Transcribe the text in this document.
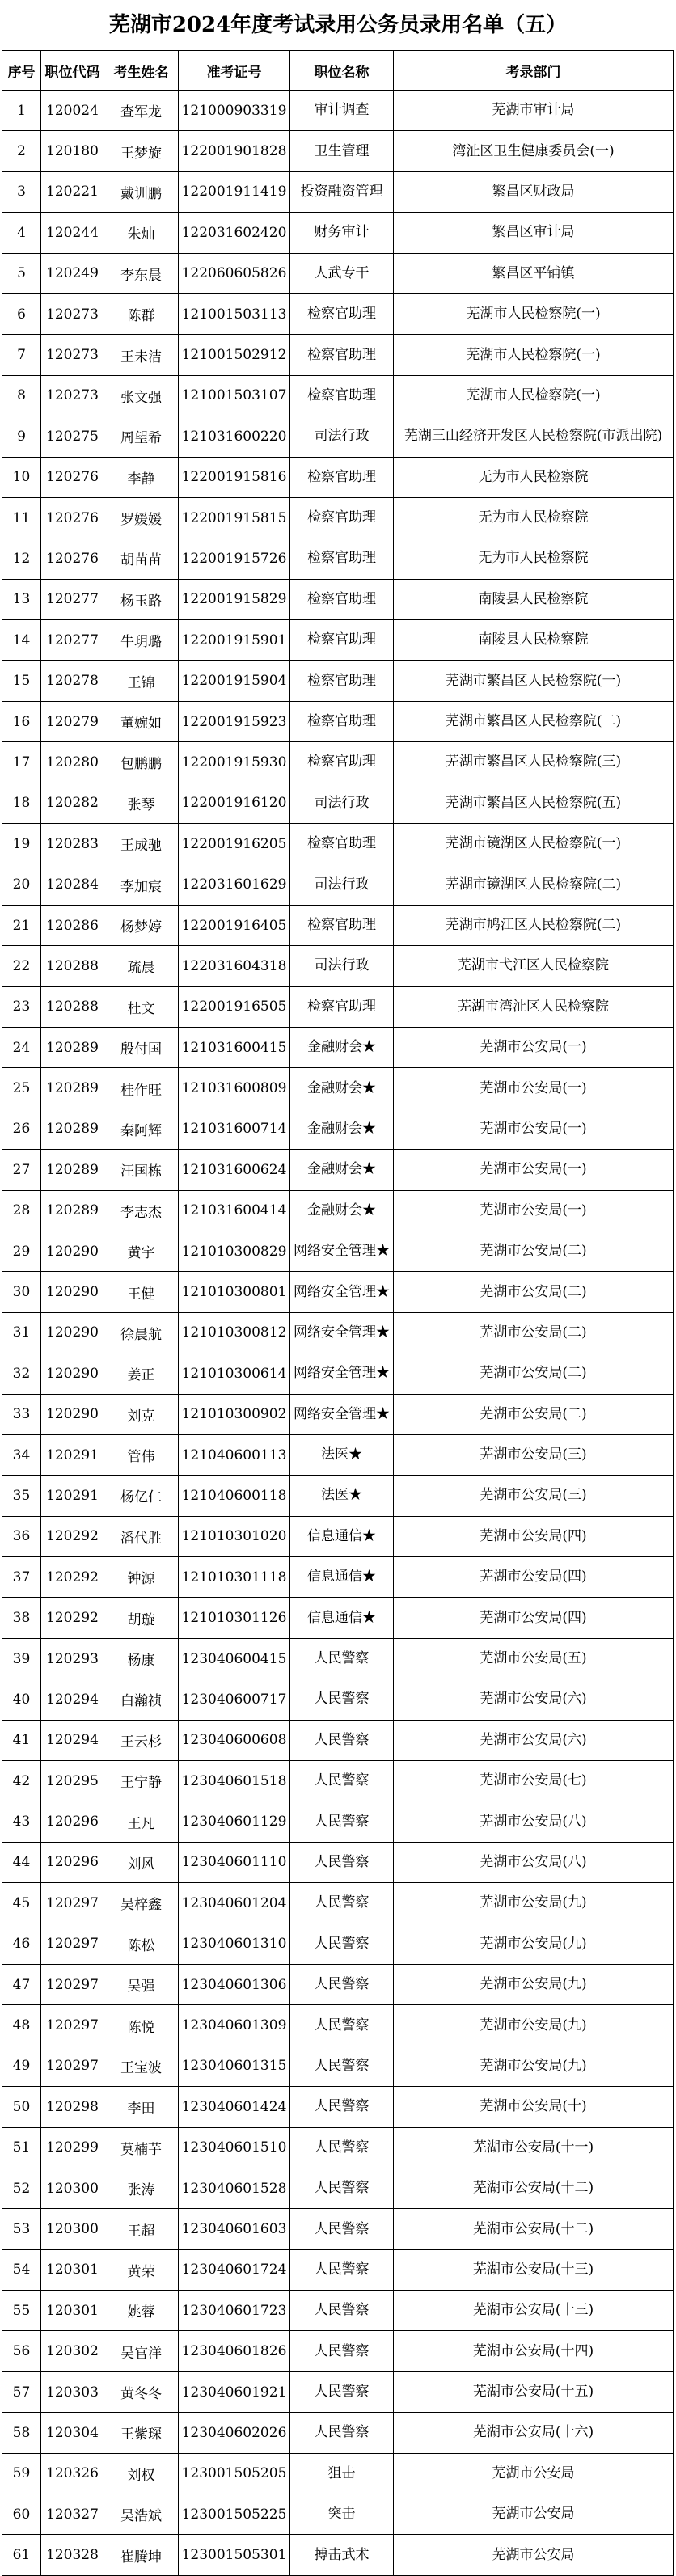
芜湖市2024年度考试录用公务员录用名单（五）
序号	职位代码	考生姓名	准考证号	职位名称	考录部门
1	120024	查军龙	121000903319	审计调查	芜湖市审计局
2	120180	王梦旋	122001901828	卫生管理	湾沚区卫生健康委员会(一)
3	120221	戴训鹏	122001911419	投资融资管理	繁昌区财政局
4	120244	朱灿	122031602420	财务审计	繁昌区审计局
5	120249	李东晨	122060605826	人武专干	繁昌区平铺镇
6	120273	陈群	121001503113	检察官助理	芜湖市人民检察院(一)
7	120273	王未洁	121001502912	检察官助理	芜湖市人民检察院(一)
8	120273	张文强	121001503107	检察官助理	芜湖市人民检察院(一)
9	120275	周望希	121031600220	司法行政	芜湖三山经济开发区人民检察院(市派出院)
10	120276	李静	122001915816	检察官助理	无为市人民检察院
11	120276	罗媛媛	122001915815	检察官助理	无为市人民检察院
12	120276	胡苗苗	122001915726	检察官助理	无为市人民检察院
13	120277	杨玉路	122001915829	检察官助理	南陵县人民检察院
14	120277	牛玥璐	122001915901	检察官助理	南陵县人民检察院
15	120278	王锦	122001915904	检察官助理	芜湖市繁昌区人民检察院(一)
16	120279	董婉如	122001915923	检察官助理	芜湖市繁昌区人民检察院(二)
17	120280	包鹏鹏	122001915930	检察官助理	芜湖市繁昌区人民检察院(三)
18	120282	张琴	122001916120	司法行政	芜湖市繁昌区人民检察院(五)
19	120283	王成驰	122001916205	检察官助理	芜湖市镜湖区人民检察院(一)
20	120284	李加宸	122031601629	司法行政	芜湖市镜湖区人民检察院(二)
21	120286	杨梦婷	122001916405	检察官助理	芜湖市鸠江区人民检察院(二)
22	120288	疏晨	122031604318	司法行政	芜湖市弋江区人民检察院
23	120288	杜文	122001916505	检察官助理	芜湖市湾沚区人民检察院
24	120289	殷付国	121031600415	金融财会★	芜湖市公安局(一)
25	120289	桂作旺	121031600809	金融财会★	芜湖市公安局(一)
26	120289	秦阿辉	121031600714	金融财会★	芜湖市公安局(一)
27	120289	汪国栋	121031600624	金融财会★	芜湖市公安局(一)
28	120289	李志杰	121031600414	金融财会★	芜湖市公安局(一)
29	120290	黄宇	121010300829	网络安全管理★	芜湖市公安局(二)
30	120290	王健	121010300801	网络安全管理★	芜湖市公安局(二)
31	120290	徐晨航	121010300812	网络安全管理★	芜湖市公安局(二)
32	120290	姜正	121010300614	网络安全管理★	芜湖市公安局(二)
33	120290	刘克	121010300902	网络安全管理★	芜湖市公安局(二)
34	120291	管伟	121040600113	法医★	芜湖市公安局(三)
35	120291	杨亿仁	121040600118	法医★	芜湖市公安局(三)
36	120292	潘代胜	121010301020	信息通信★	芜湖市公安局(四)
37	120292	钟源	121010301118	信息通信★	芜湖市公安局(四)
38	120292	胡璇	121010301126	信息通信★	芜湖市公安局(四)
39	120293	杨康	123040600415	人民警察	芜湖市公安局(五)
40	120294	白瀚祯	123040600717	人民警察	芜湖市公安局(六)
41	120294	王云杉	123040600608	人民警察	芜湖市公安局(六)
42	120295	王宁静	123040601518	人民警察	芜湖市公安局(七)
43	120296	王凡	123040601129	人民警察	芜湖市公安局(八)
44	120296	刘风	123040601110	人民警察	芜湖市公安局(八)
45	120297	吴梓鑫	123040601204	人民警察	芜湖市公安局(九)
46	120297	陈松	123040601310	人民警察	芜湖市公安局(九)
47	120297	吴强	123040601306	人民警察	芜湖市公安局(九)
48	120297	陈悦	123040601309	人民警察	芜湖市公安局(九)
49	120297	王宝波	123040601315	人民警察	芜湖市公安局(九)
50	120298	李田	123040601424	人民警察	芜湖市公安局(十)
51	120299	莫楠芋	123040601510	人民警察	芜湖市公安局(十一)
52	120300	张涛	123040601528	人民警察	芜湖市公安局(十二)
53	120300	王超	123040601603	人民警察	芜湖市公安局(十二)
54	120301	黄荣	123040601724	人民警察	芜湖市公安局(十三)
55	120301	姚蓉	123040601723	人民警察	芜湖市公安局(十三)
56	120302	吴官洋	123040601826	人民警察	芜湖市公安局(十四)
57	120303	黄冬冬	123040601921	人民警察	芜湖市公安局(十五)
58	120304	王紫琛	123040602026	人民警察	芜湖市公安局(十六)
59	120326	刘权	123001505205	狙击	芜湖市公安局
60	120327	吴浩斌	123001505225	突击	芜湖市公安局
61	120328	崔腾坤	123001505301	搏击武术	芜湖市公安局
